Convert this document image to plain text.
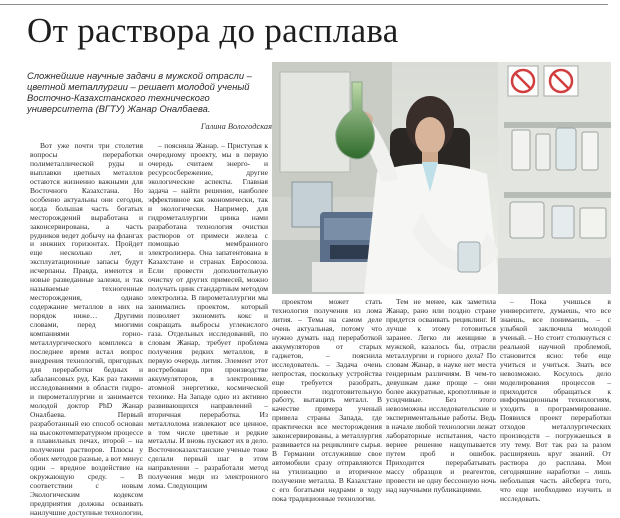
От раствора до расплава
Сложнейшие научные задачи в мужской отрасли – цветной металлургии – решает молодой ученый Восточно-Казахстанского технического университета (ВГТУ) Жанар Оналбаева.
Галина Вологодская

Вот уже почти три столетия вопросы переработки полиметаллической руды и выплавки цветных металлов остаются жизненно важными для Восточного Казахстана. Но особенно актуальны они сегодня, когда большая часть богатых месторождений выработана и законсервирована, а часть рудников ведет добычу на флангах и нижних горизонтах. Пройдет еще несколько лет, и эксплуатационные запасы будут исчерпаны. Правда, имеются и новые разведанные залежи, и так называемые техногенные месторождения, однако содержание металлов в них на порядок ниже… Другими словами, перед многими компаниями горно-металлургического комплекса в последнее время встал вопрос внедрения технологий, пригодных для переработки бедных и забалансовых руд. Как раз такими исследованиями в области гидро- и пирометаллургии и занимается молодой доктор PhD Жанар Оналбаева. Первый разработанный ею способ основан на высокотемпературном процессе в плавильных печах, второй – на получении растворов. Плюсы у обоих методов разные, а вот минус один – вредное воздействие на окружающую среду. – В соответствии с новым Экологическим кодексом предприятия должны осваивать наилучшие доступные технологии,

– поясняла Жанар. – Приступая к очередному проекту, мы в первую очередь считаем энерго- и ресурсосбережение, другие экологические аспекты. Главная задача – найти решение, наиболее эффективное как экономически, так и экологически. Например, для гидрометаллургии цинка нами разработана технология очистки растворов от примеси железа с помощью мембранного электролизера. Она запатентована в Казахстане и странах Евросоюза. Если провести дополнительную очистку от других примесей, можно получать цинк стандартным методом электролиза. В пирометаллургии мы занимались проектом, который позволяет экономить кокс и сокращать выбросы углекислого газа. Отдельных исследований, по словам Жанар, требует проблема получения редких металлов, в первую очередь лития. Элемент этот востребован при производстве аккумуляторов, в электронике, атомной энергетике, космической технике. На Западе одно из активно развивающихся направлений – вторичная переработка. Из металлолома извлекают все ценное, в том числе цветные и редкие металлы. И вновь пускают их в дело. Восточноказахстанские ученые тоже сделали первый шаг в этом направлении – разработали метод получения меди из электронного лома. Следующим

проектом может стать технология получения из лома лития. – Тема на самом деле очень актуальная, потому что нужно думать над переработкой аккумуляторов от старых гаджетов, – пояснила исследователь. – Задача очень непростая, поскольку устройства еще требуется разобрать, провести подготовительную работу, вытащить металл. В качестве примера ученый привела страны Запада, где практически все месторождения законсервированы, а металлургия развивается на рециклинге сырья. В Германии отслуживше свое автомобили сразу отправляются на утилизацию и вторичное получение металла. В Казахстане с его богатыми недрами в ходу пока традиционные технологии.

Тем не менее, как заметила Жанар, рано или поздно стране придется осваивать рециклинг. И лучше к этому готовиться заранее. Легко ли женщине в мужской, казалось бы, отрасли металлургии и горного дела? По словам Жанар, в науке нет места гендерным различиям. В чем-то девушкам даже проще – они более аккуратные, кропотливые и усидчивые. Без этого невозможны исследовательские и экспериментальные работы. Ведь в начале любой технологии лежат лабораторные испытания, часто вернее решение нащупывается путем проб и ошибок. Приходится перерабатывать массу образцов и реагентов, провести не одну бессонную ночь над научными публикациями.

– Пока учишься в университете, думаешь, что все знаешь, все понимаешь, – с улыбкой заключила молодой ученый. – Но стоит столкнуться с реальной научной проблемой, становится ясно: тебе еще учиться и учиться. Знать все невозможно. Косулось дело моделирования процессов – приходится обращаться к информационным технологиям, уходить в программирование. Появился проект переработки отходов металлургических производств – погружаешься в эту тему. Вот так раз за разом расширяешь круг знаний. От раствора до расплава. Мои сегодняшние наработки – лишь небольшая часть айсберга того, что еще необходимо изучить и исследовать.
